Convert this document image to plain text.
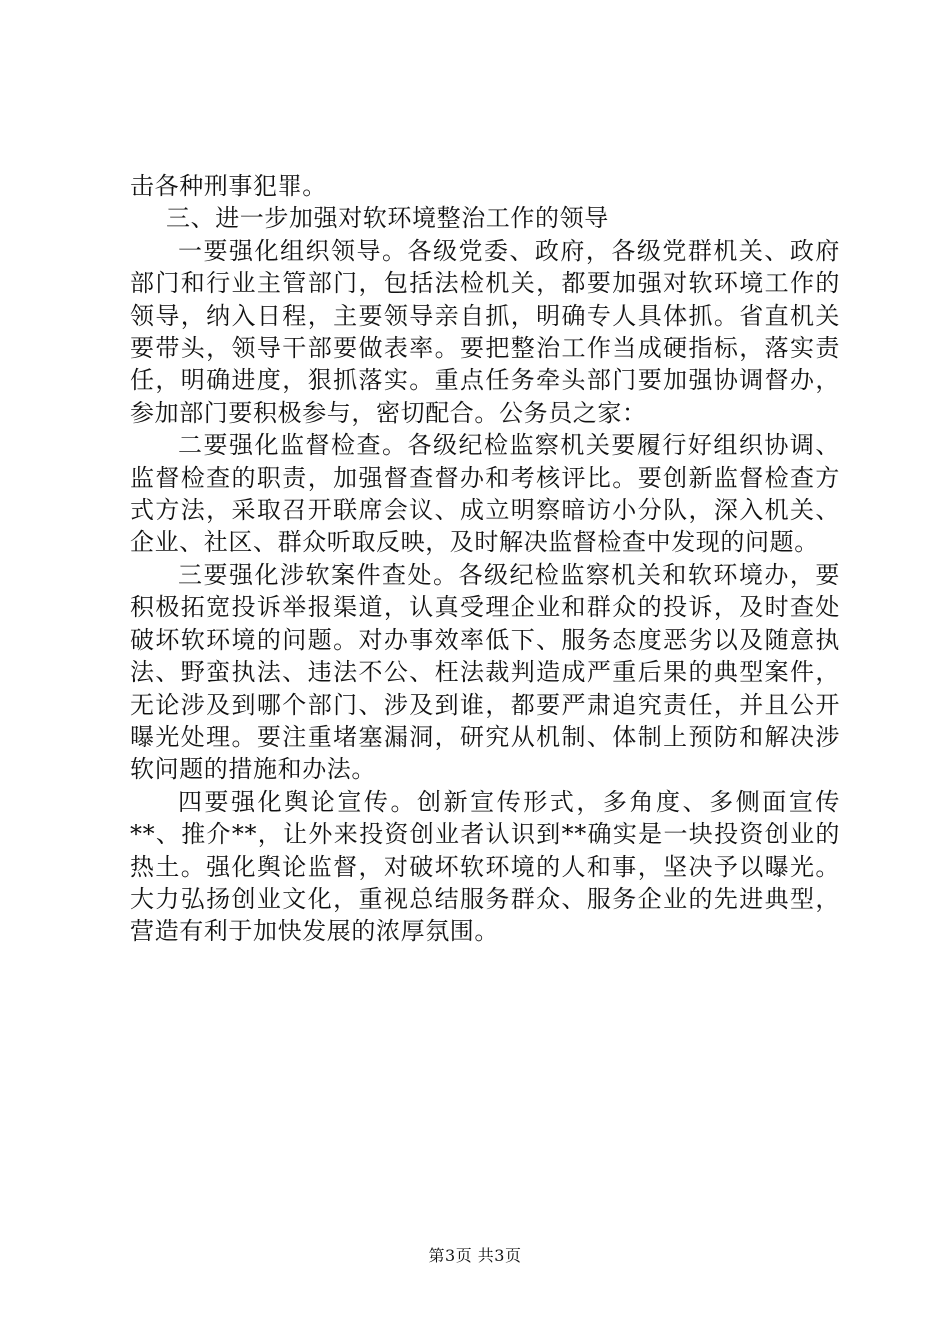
击各种刑事犯罪。

三、进一步加强对软环境整治工作的领导

一要强化组织领导。各级党委、政府，各级党群机关、政府部门和行业主管部门，包括法检机关，都要加强对软环境工作的领导，纳入日程，主要领导亲自抓，明确专人具体抓。省直机关要带头，领导干部要做表率。要把整治工作当成硬指标，落实责任，明确进度，狠抓落实。重点任务牵头部门要加强协调督办，参加部门要积极参与，密切配合。公务员之家：

二要强化监督检查。各级纪检监察机关要履行好组织协调、监督检查的职责，加强督查督办和考核评比。要创新监督检查方式方法，采取召开联席会议、成立明察暗访小分队，深入机关、企业、社区、群众听取反映，及时解决监督检查中发现的问题。

三要强化涉软案件查处。各级纪检监察机关和软环境办，要积极拓宽投诉举报渠道，认真受理企业和群众的投诉，及时查处破坏软环境的问题。对办事效率低下、服务态度恶劣以及随意执法、野蛮执法、违法不公、枉法裁判造成严重后果的典型案件，无论涉及到哪个部门、涉及到谁，都要严肃追究责任，并且公开曝光处理。要注重堵塞漏洞，研究从机制、体制上预防和解决涉软问题的措施和办法。

四要强化舆论宣传。创新宣传形式，多角度、多侧面宣传**、推介**，让外来投资创业者认识到**确实是一块投资创业的热土。强化舆论监督，对破坏软环境的人和事，坚决予以曝光。大力弘扬创业文化，重视总结服务群众、服务企业的先进典型，营造有利于加快发展的浓厚氛围。

第3页 共3页
